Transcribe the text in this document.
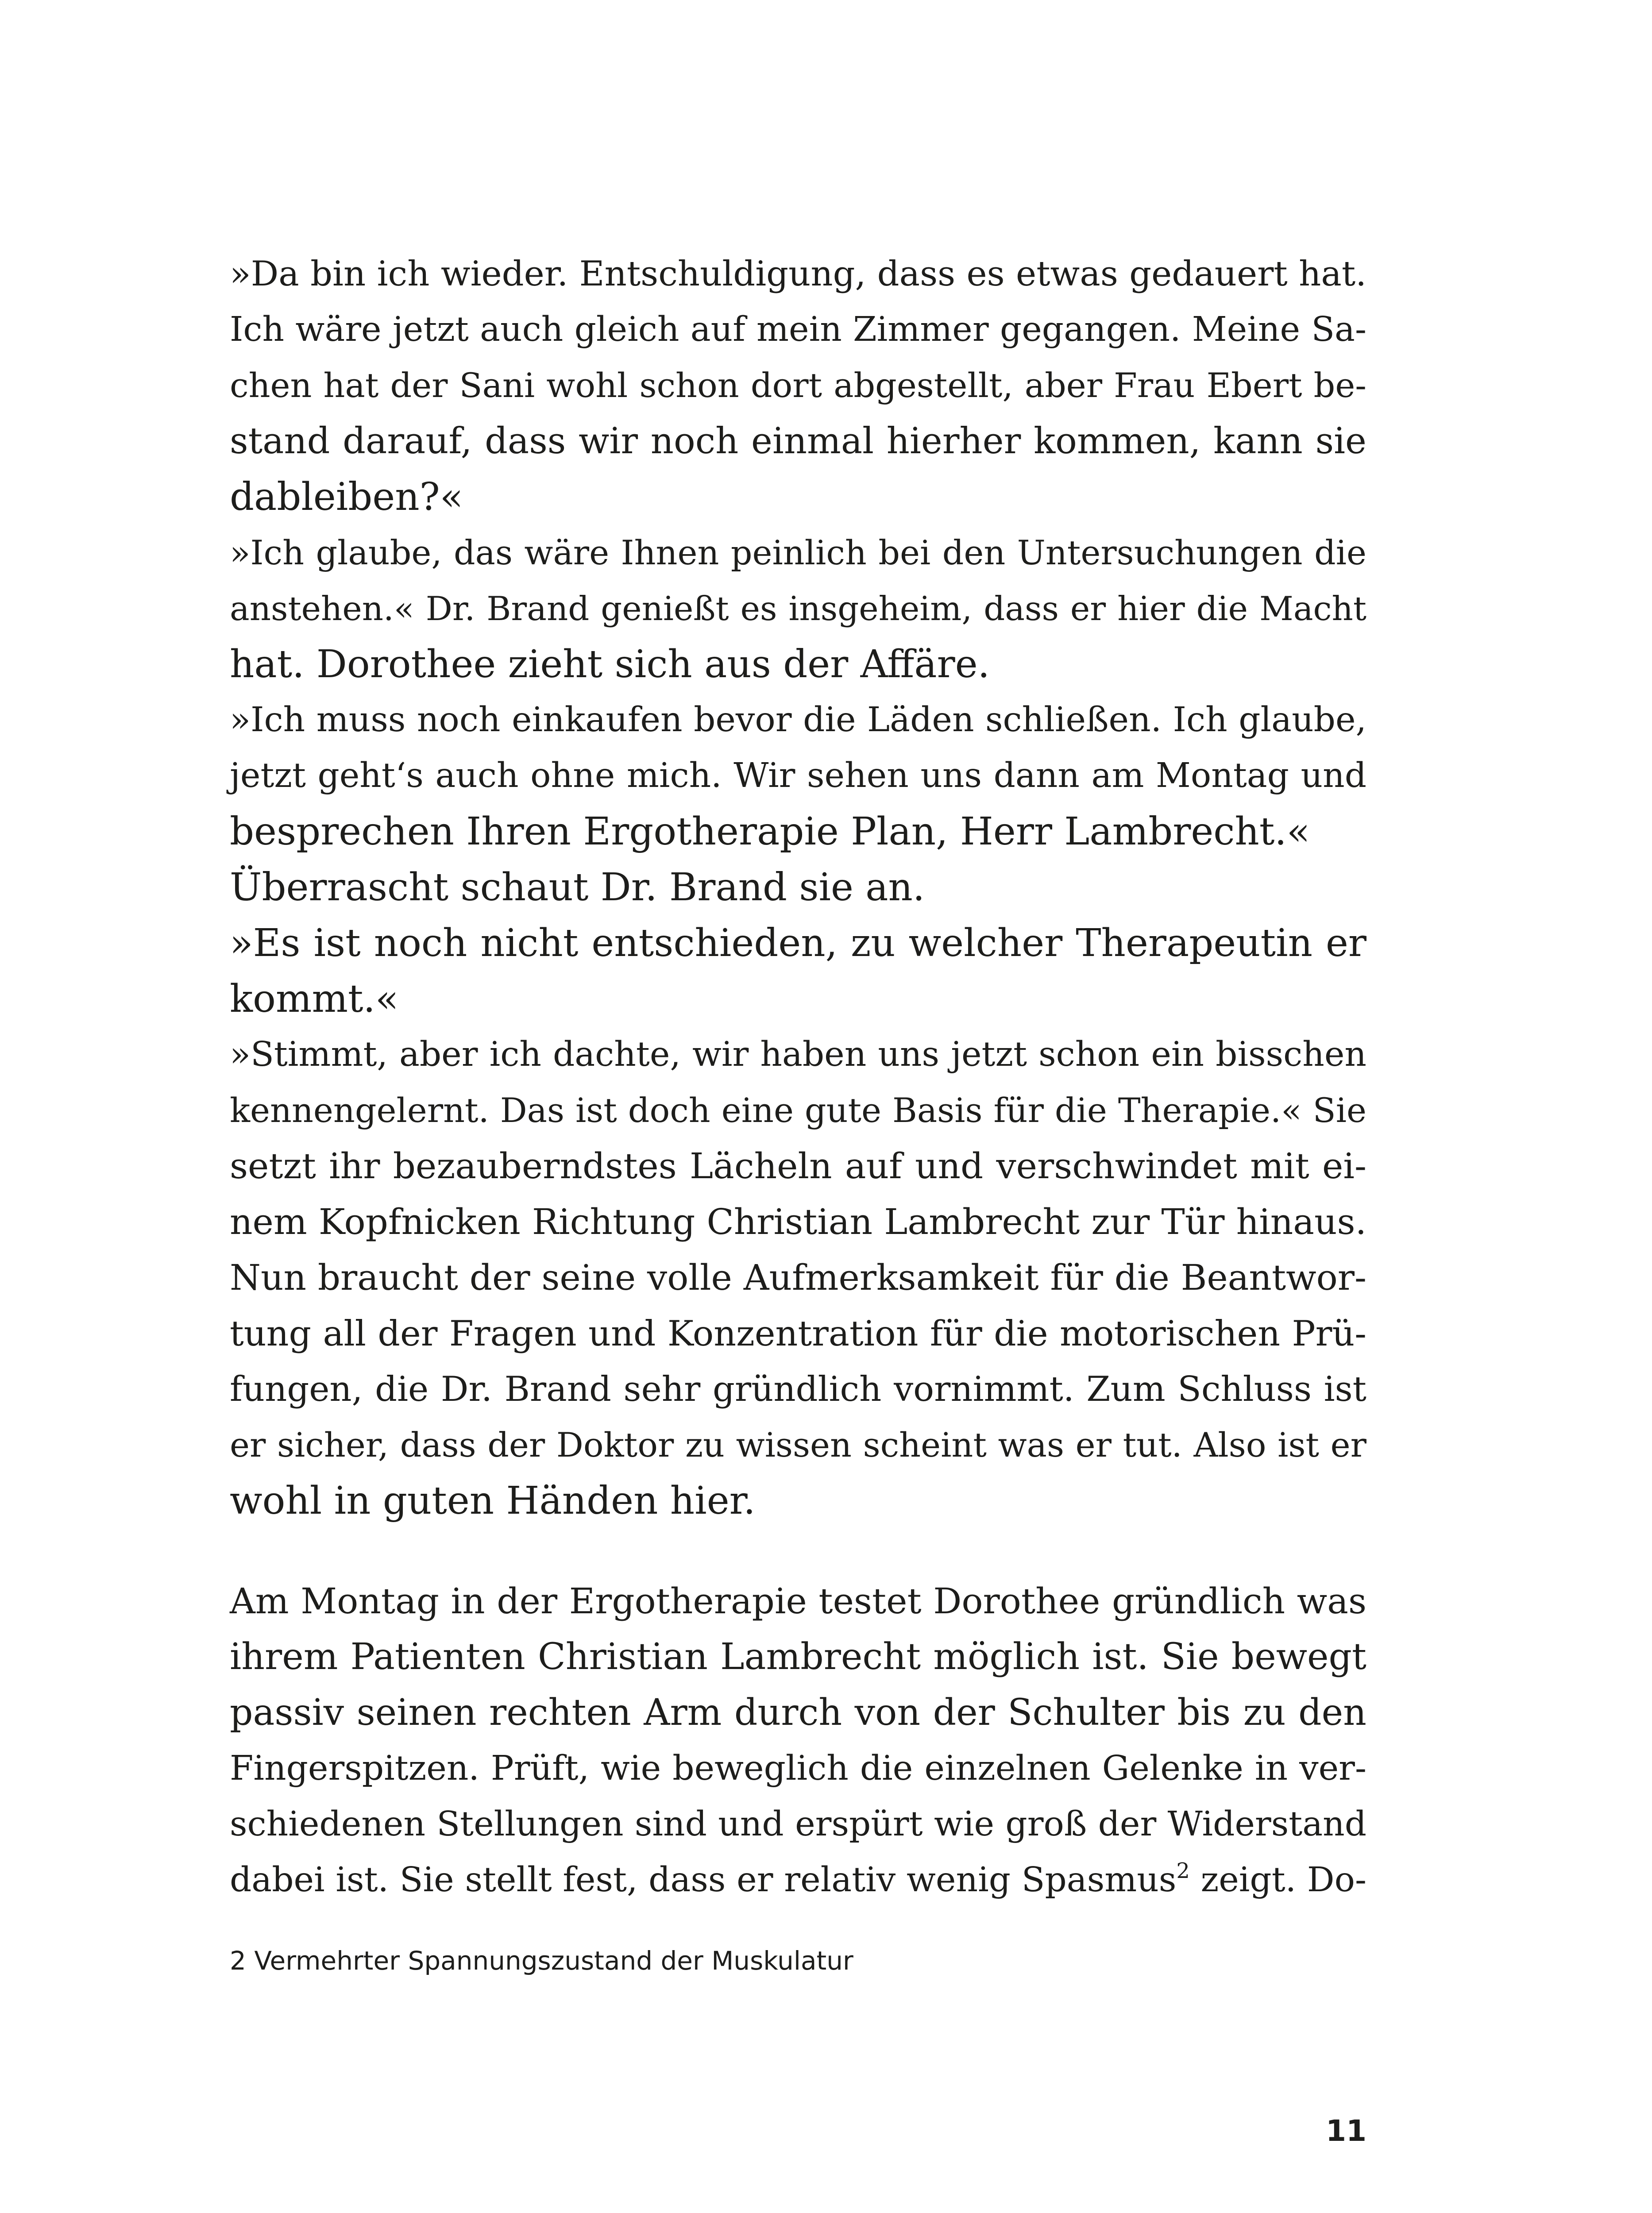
»Da bin ich wieder. Entschuldigung, dass es etwas gedauert hat.
Ich wäre jetzt auch gleich auf mein Zimmer gegangen. Meine Sa-
chen hat der Sani wohl schon dort abgestellt, aber Frau Ebert be-
stand darauf, dass wir noch einmal hierher kommen, kann sie
dableiben?«
»Ich glaube, das wäre Ihnen peinlich bei den Untersuchungen die
anstehen.« Dr. Brand genießt es insgeheim, dass er hier die Macht
hat. Dorothee zieht sich aus der Affäre.
»Ich muss noch einkaufen bevor die Läden schließen. Ich glaube,
jetzt geht‘s auch ohne mich. Wir sehen uns dann am Montag und
besprechen Ihren Ergotherapie Plan, Herr Lambrecht.«
Überrascht schaut Dr. Brand sie an.
»Es ist noch nicht entschieden, zu welcher Therapeutin er
kommt.«
»Stimmt, aber ich dachte, wir haben uns jetzt schon ein bisschen
kennengelernt. Das ist doch eine gute Basis für die Therapie.« Sie
setzt ihr bezauberndstes Lächeln auf und verschwindet mit ei-
nem Kopfnicken Richtung Christian Lambrecht zur Tür hinaus.
Nun braucht der seine volle Aufmerksamkeit für die Beantwor-
tung all der Fragen und Konzentration für die motorischen Prü-
fungen, die Dr. Brand sehr gründlich vornimmt. Zum Schluss ist
er sicher, dass der Doktor zu wissen scheint was er tut. Also ist er
wohl in guten Händen hier.
Am Montag in der Ergotherapie testet Dorothee gründlich was
ihrem Patienten Christian Lambrecht möglich ist. Sie bewegt
passiv seinen rechten Arm durch von der Schulter bis zu den
Fingerspitzen. Prüft, wie beweglich die einzelnen Gelenke in ver-
schiedenen Stellungen sind und erspürt wie groß der Widerstand
dabei ist. Sie stellt fest, dass er relativ wenig Spasmus$^2$ zeigt. Do-
2 Vermehrter Spannungszustand der Muskulatur
11
